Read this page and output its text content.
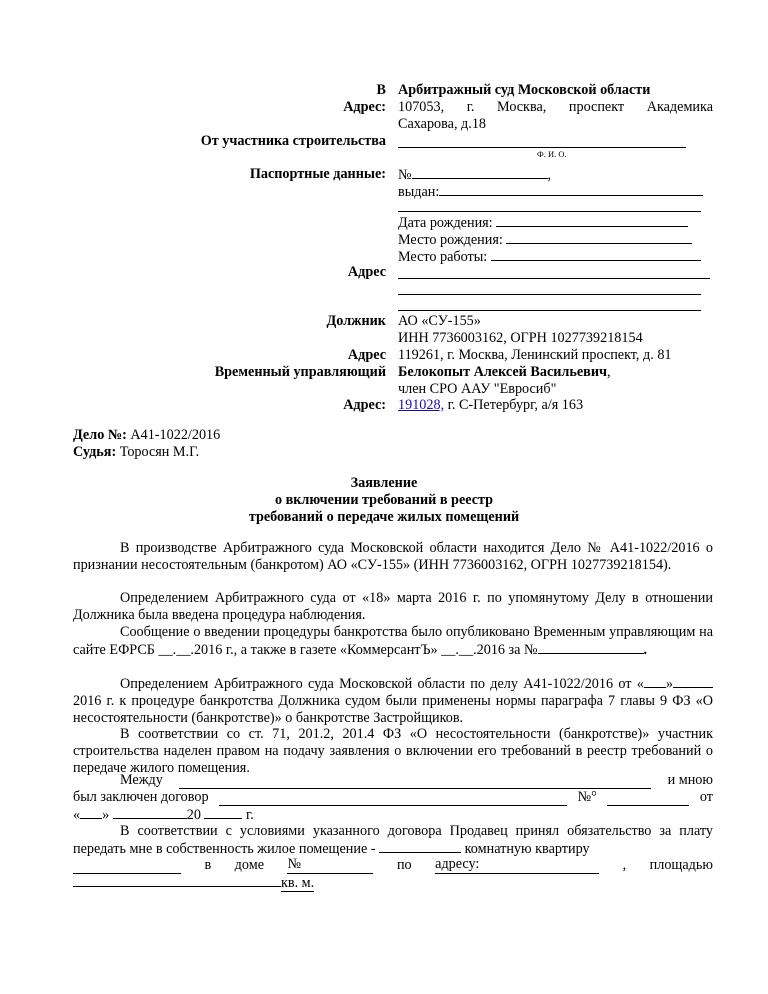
В Арбитражный суд Московской области
Адрес: 107053, г. Москва, проспект Академика
Сахарова, д.18
От участника строительства
Ф. И. О.
Паспортные данные: №	,
выдан:
Дата рождения:
Место рождения:
Место работы:
Адрес
Должник АО «СУ-155»
ИНН 7736003162, ОГРН 1027739218154
Адрес 119261, г. Москва, Ленинский проспект, д. 81
Временный управляющий Белокопыт Алексей Васильевич,
член СРО ААУ "Евросиб"
Адрес: 191028, г. С-Петербург, а/я 163
Дело №: А41-1022/2016
Судья: Торосян М.Г.
Заявление
о включении требований в реестр
требований о передаче жилых помещений
В производстве Арбитражного суда Московской области находится Дело № А41-1022/2016 о признании несостоятельным (банкротом) АО «СУ-155» (ИНН 7736003162, ОГРН 1027739218154).
Определением Арбитражного суда от «18» марта 2016 г. по упомянутому Делу в отношении Должника была введена процедура наблюдения.
Сообщение о введении процедуры банкротства было опубликовано Временным управляющим на сайте ЕФРСБ __.__.2016 г., а также в газете «КоммерсантЪ» __.__.2016 за №	.
Определением Арбитражного суда Московской области по делу А41-1022/2016 от « » 2016 г. к процедуре банкротства Должника судом были применены нормы параграфа 7 главы 9 ФЗ «О несостоятельности (банкротстве)» о банкротстве Застройщиков.
В соответствии со ст. 71, 201.2, 201.4 ФЗ «О несостоятельности (банкротстве)» участник строительства наделен правом на подачу заявления о включении его требований в реестр требований о передаче жилого помещения.
Между	и мною
был заключен договор	№°	от
« »	20	г.
В соответствии с условиями указанного договора Продавец принял обязательство за плату передать мне в собственность жилое помещение -	комнатную квартиру
в доме №	по адресу:	, площадью
кв. м.
